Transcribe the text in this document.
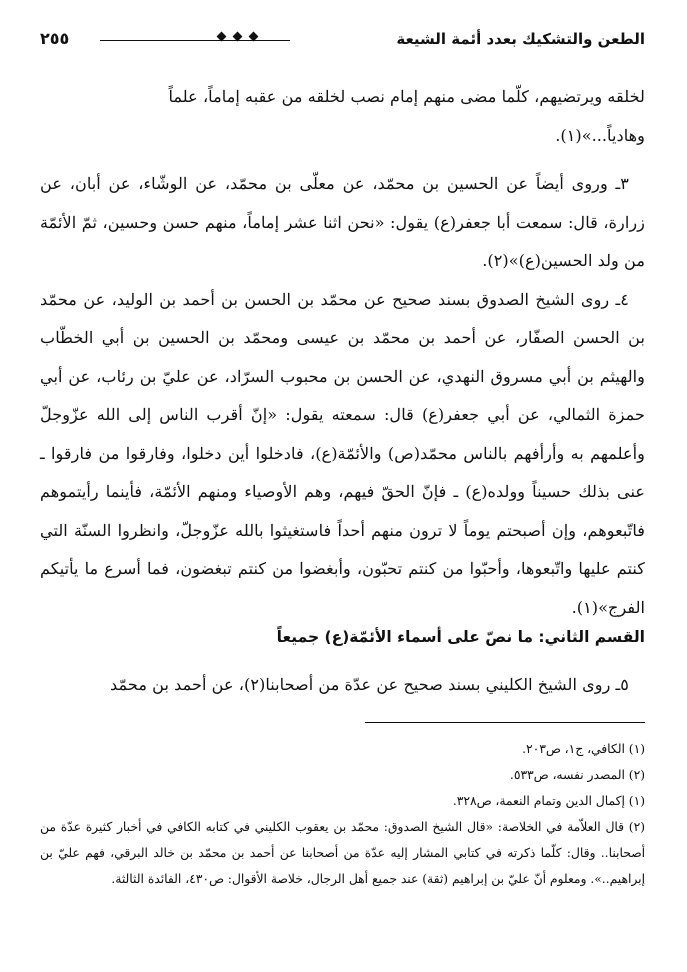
الطعن والتشكيك بعدد أئمة الشيعة
٢٥٥

لخلقه ويرتضيهم، كلّما مضى منهم إمام نصب لخلقه من عقبه إماماً، علماً

وهادياً...»(١).

٣ـ وروى أيضاً عن الحسين بن محمّد، عن معلّى بن محمّد، عن الوشّاء، عن أبان، عن زرارة، قال: سمعت أبا جعفر(ع) يقول: «نحن اثنا عشر إماماً، منهم حسن وحسين، ثمّ الأئمّة من ولد الحسين(ع)»(٢).

٤ـ روى الشيخ الصدوق بسند صحيح عن محمّد بن الحسن بن أحمد بن الوليد، عن محمّد بن الحسن الصفّار، عن أحمد بن محمّد بن عيسى ومحمّد بن الحسين بن أبي الخطّاب والهيثم بن أبي مسروق النهدي، عن الحسن بن محبوب السرّاد، عن عليّ بن رئاب، عن أبي حمزة الثمالي، عن أبي جعفر(ع) قال: سمعته يقول: «إنّ أقرب الناس إلى الله عزّوجلّ وأعلمهم به وأرأفهم بالناس محمّد(ص) والأئمّة(ع)، فادخلوا أين دخلوا، وفارقوا من فارقوا ـ عنى بذلك حسيناً وولده(ع) ـ فإنّ الحقّ فيهم، وهم الأوصياء ومنهم الأئمّة، فأينما رأيتموهم فاتّبعوهم، وإن أصبحتم يوماً لا ترون منهم أحداً فاستغيثوا بالله عزّوجلّ، وانظروا السنّة التي كنتم عليها واتّبعوها، وأحبّوا من كنتم تحبّون، وأبغضوا من كنتم تبغضون، فما أسرع ما يأتيكم الفرج»(١).

القسم الثاني: ما نصّ على أسماء الأئمّة(ع) جميعاً
٥ـ روى الشيخ الكليني بسند صحيح عن عدّة من أصحابنا(٢)، عن أحمد بن محمّد

(١) الكافي، ج١، ص٢٠٣.

(٢) المصدر نفسه، ص٥٣٣.

(١) إكمال الدين وتمام النعمة، ص٣٢٨.

(٢) قال العلاّمة في الخلاصة: «قال الشيخ الصدوق: محمّد بن يعقوب الكليني في كتابه الكافي في أخبار كثيرة عدّة من أصحابنا.. وقال: كلّما ذكرته في كتابي المشار إليه عدّة من أصحابنا عن أحمد بن محمّد بن خالد البرقي، فهم عليّ بن إبراهيم..». ومعلوم أنّ عليّ بن إبراهيم (ثقة) عند جميع أهل الرجال، خلاصة الأقوال: ص٤٣٠، الفائدة الثالثة.
